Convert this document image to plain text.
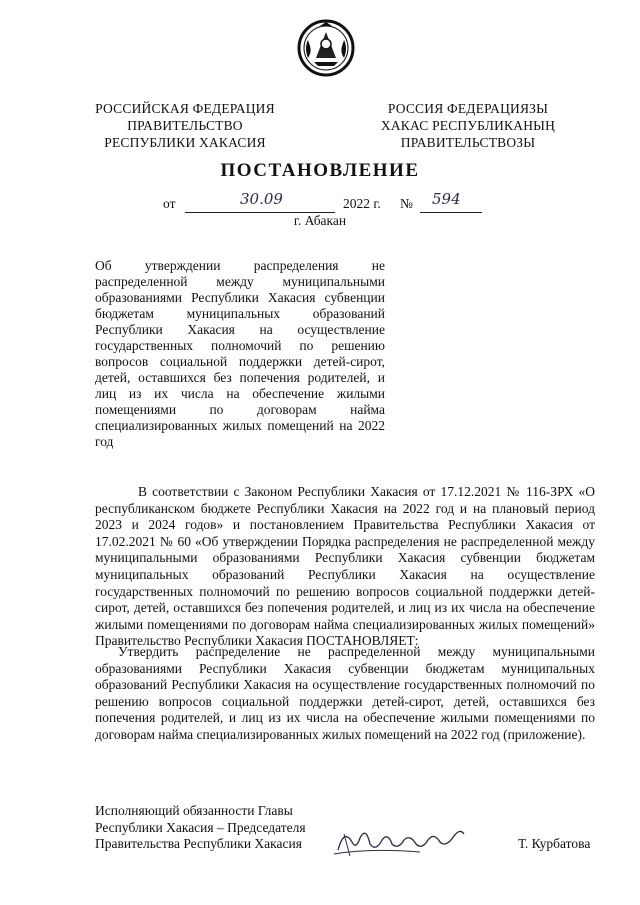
РОССИЙСКАЯ ФЕДЕРАЦИЯ
ПРАВИТЕЛЬСТВО
РЕСПУБЛИКИ ХАКАСИЯ
РОССИЯ ФЕДЕРАЦИЯЗЫ
ХАКАС РЕСПУБЛИКАНЫҢ
ПРАВИТЕЛЬСТВОЗЫ
ПОСТАНОВЛЕНИЕ
от	30.09	2022 г. № 594
г. Абакан
Об утверждении распределения не распределенной между муниципальными образованиями Республики Хакасия субвенции бюджетам муниципальных образований Республики Хакасия на осуществление государственных полномочий по решению вопросов социальной поддержки детей-сирот, детей, оставшихся без попечения родителей, и лиц из их числа на обеспечение жилыми помещениями по договорам найма специализированных жилых помещений на 2022 год
В соответствии с Законом Республики Хакасия от 17.12.2021 № 116-ЗРХ «О республиканском бюджете Республики Хакасия на 2022 год и на плановый период 2023 и 2024 годов» и постановлением Правительства Республики Хакасия от 17.02.2021 № 60 «Об утверждении Порядка распределения не распределенной между муниципальными образованиями Республики Хакасия субвенции бюджетам муниципальных образований Республики Хакасия на осуществление государственных полномочий по решению вопросов социальной поддержки детей-сирот, детей, оставшихся без попечения родителей, и лиц из их числа на обеспечение жилыми помещениями по договорам найма специализированных жилых помещений» Правительство Республики Хакасия ПОСТАНОВЛЯЕТ:
Утвердить распределение не распределенной между муниципальными образованиями Республики Хакасия субвенции бюджетам муниципальных образований Республики Хакасия на осуществление государственных полномочий по решению вопросов социальной поддержки детей-сирот, детей, оставшихся без попечения родителей, и лиц из их числа на обеспечение жилыми помещениями по договорам найма специализированных жилых помещений на 2022 год (приложение).
Исполняющий обязанности Главы
Республики Хакасия – Председателя
Правительства Республики Хакасия	Т. Курбатова
